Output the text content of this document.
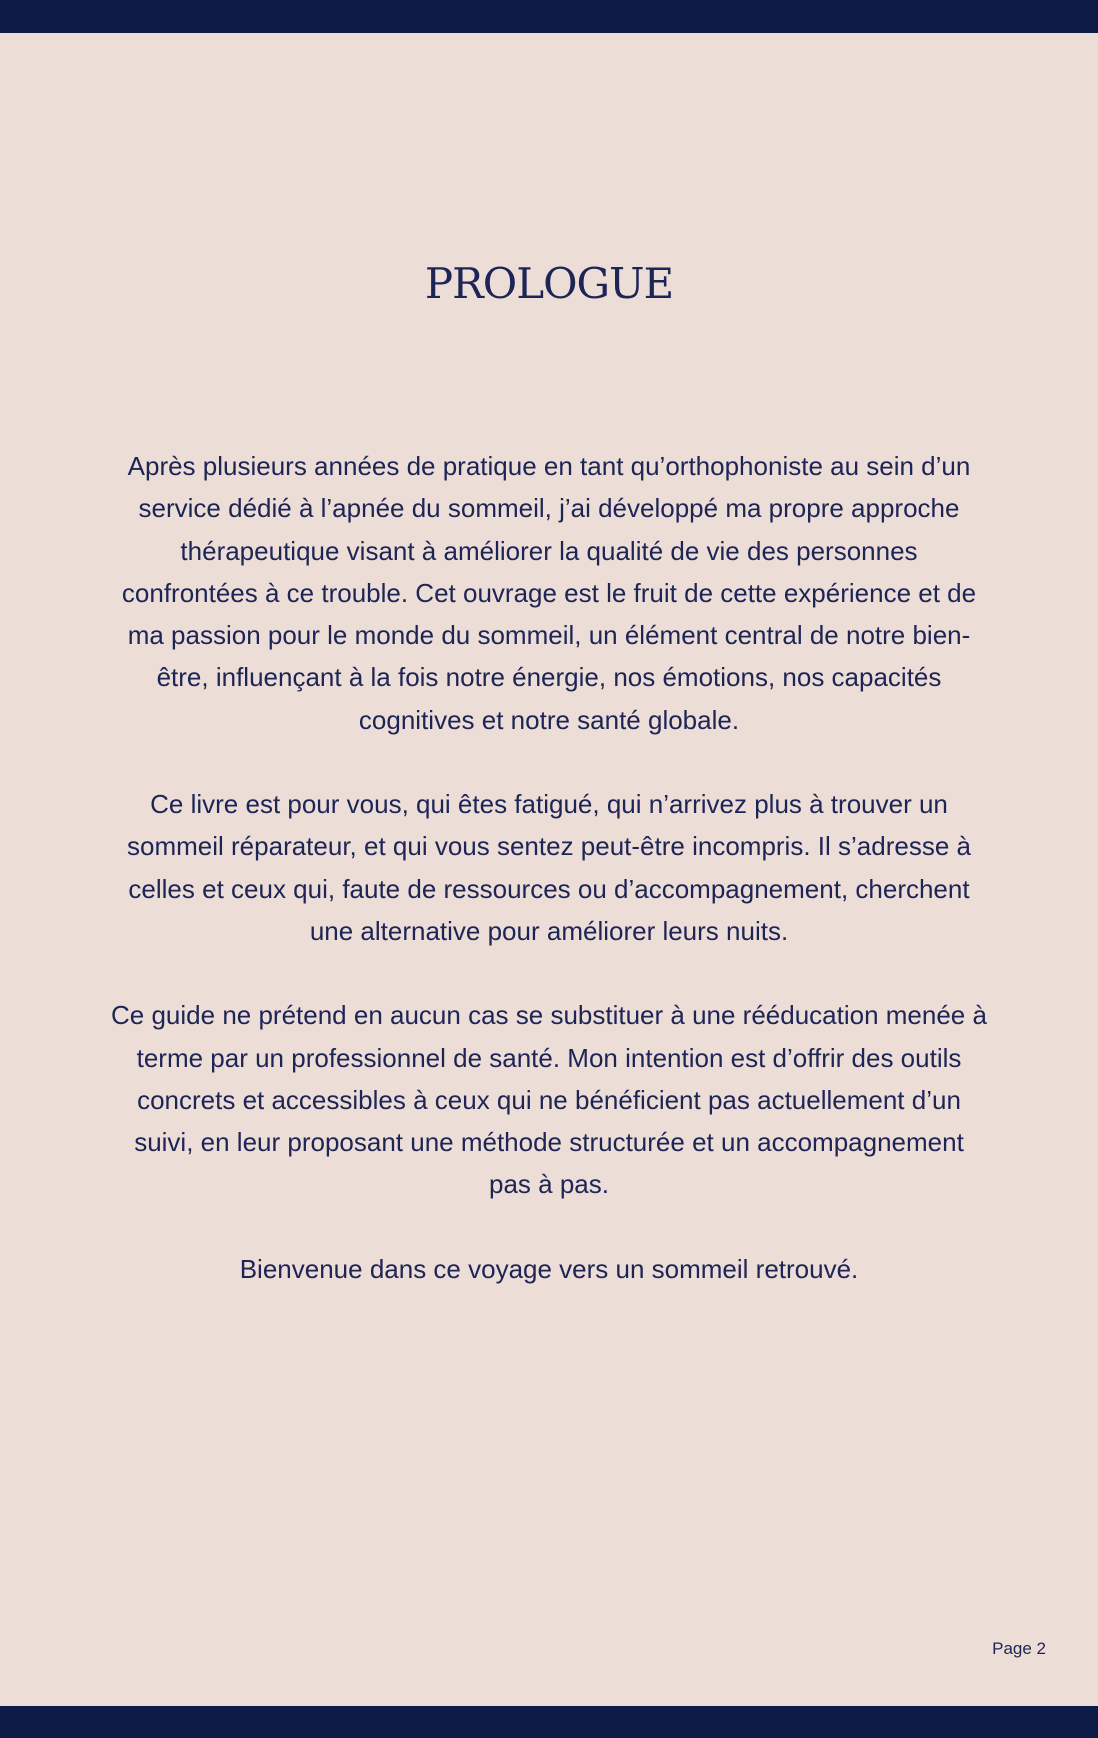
PROLOGUE

Après plusieurs années de pratique en tant qu’orthophoniste au sein d’un service dédié à l’apnée du sommeil, j’ai développé ma propre approche thérapeutique visant à améliorer la qualité de vie des personnes confrontées à ce trouble. Cet ouvrage est le fruit de cette expérience et de ma passion pour le monde du sommeil, un élément central de notre bien-être, influençant à la fois notre énergie, nos émotions, nos capacités cognitives et notre santé globale.

Ce livre est pour vous, qui êtes fatigué, qui n’arrivez plus à trouver un sommeil réparateur, et qui vous sentez peut-être incompris. Il s’adresse à celles et ceux qui, faute de ressources ou d’accompagnement, cherchent une alternative pour améliorer leurs nuits.

Ce guide ne prétend en aucun cas se substituer à une rééducation menée à terme par un professionnel de santé. Mon intention est d’offrir des outils concrets et accessibles à ceux qui ne bénéficient pas actuellement d’un suivi, en leur proposant une méthode structurée et un accompagnement pas à pas.

Bienvenue dans ce voyage vers un sommeil retrouvé.

Page 2
